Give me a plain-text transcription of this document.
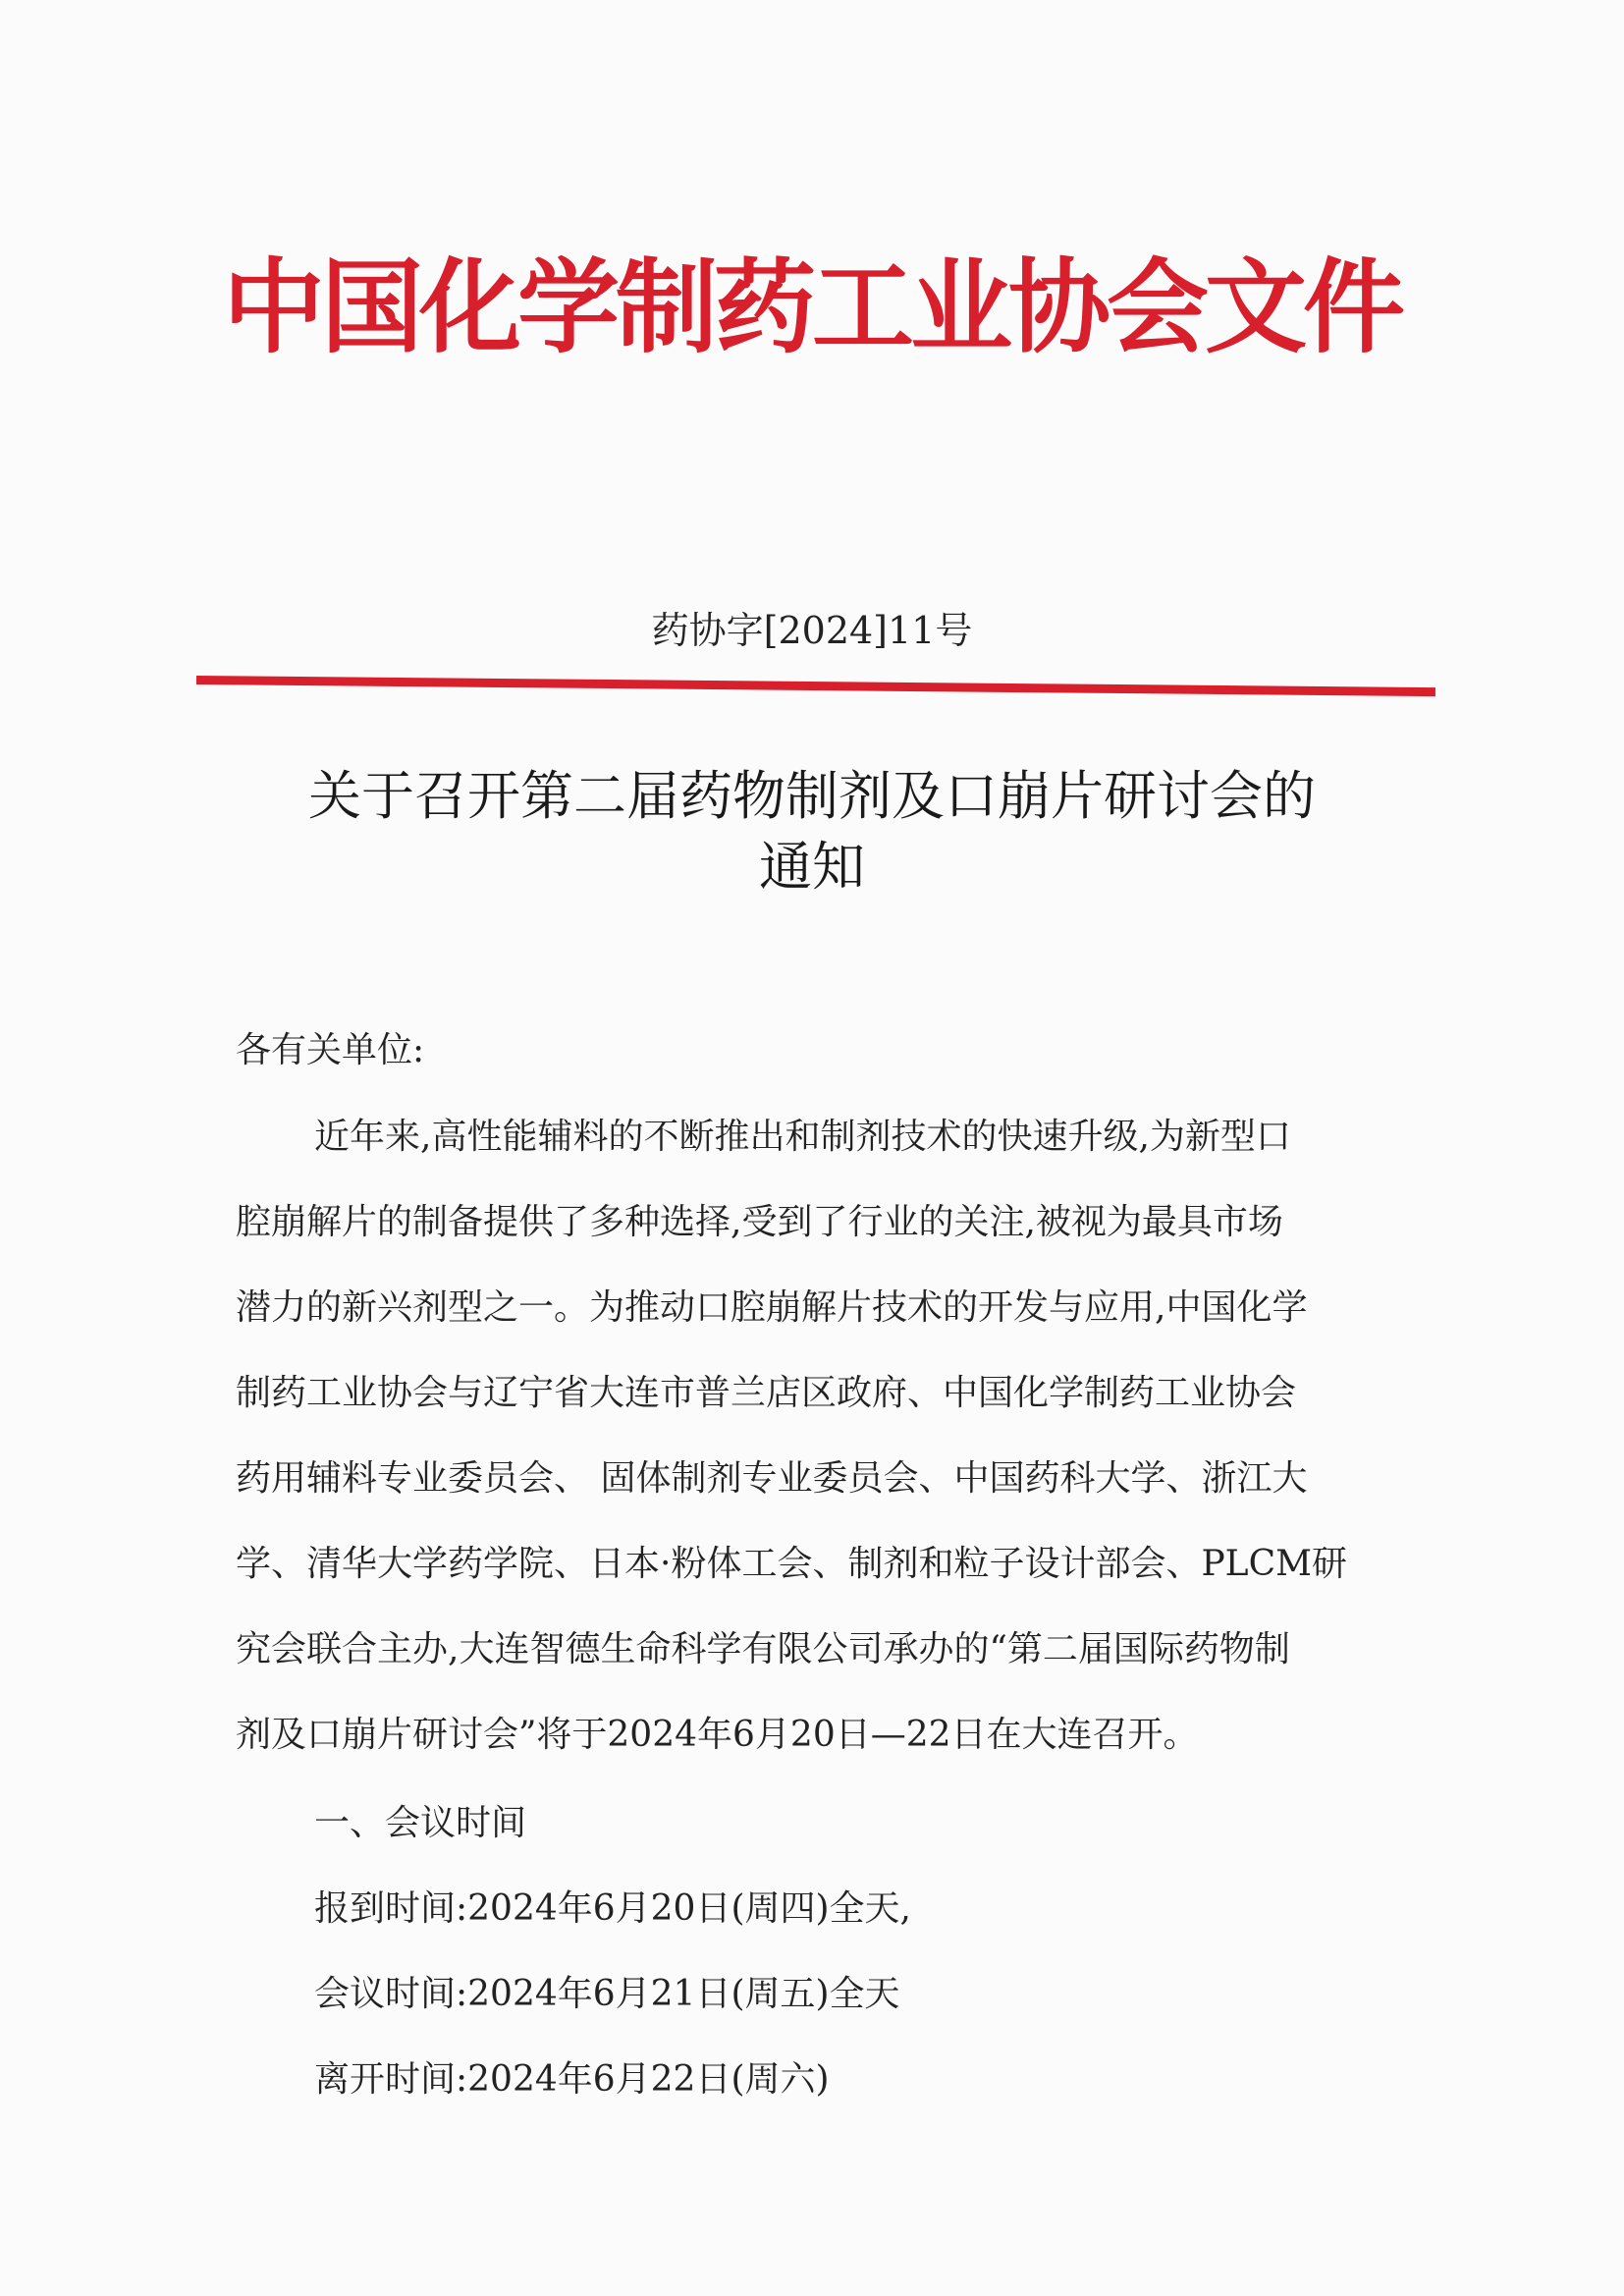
中国化学制药工业协会文件
药协字[2024]11号
关于召开第二届药物制剂及口崩片研讨会的
通知
各有关单位:
近年来,高性能辅料的不断推出和制剂技术的快速升级,为新型口
腔崩解片的制备提供了多种选择,受到了行业的关注,被视为最具市场
潜力的新兴剂型之一。为推动口腔崩解片技术的开发与应用,中国化学
制药工业协会与辽宁省大连市普兰店区政府、中国化学制药工业协会
药用辅料专业委员会、 固体制剂专业委员会、中国药科大学、浙江大
学、清华大学药学院、日本·粉体工会、制剂和粒子设计部会、PLCM研
究会联合主办,大连智德生命科学有限公司承办的“第二届国际药物制
剂及口崩片研讨会”将于2024年6月20日—22日在大连召开。
一、会议时间
报到时间:2024年6月20日(周四)全天,
会议时间:2024年6月21日(周五)全天
离开时间:2024年6月22日(周六)
